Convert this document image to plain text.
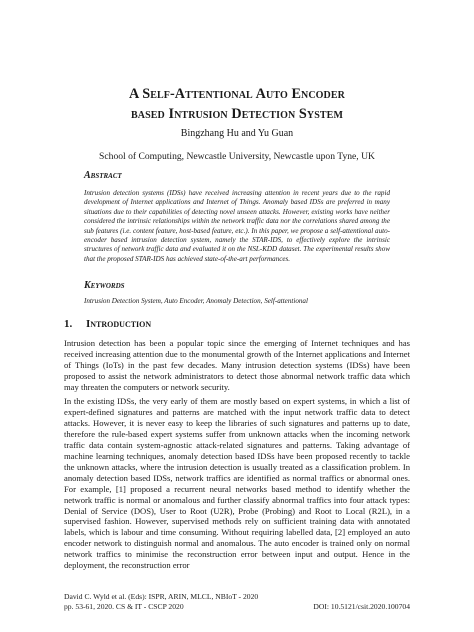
A Self-Attentional Auto Encoder
based Intrusion Detection System
Bingzhang Hu and Yu Guan
School of Computing, Newcastle University, Newcastle upon Tyne, UK
Abstract
Intrusion detection systems (IDSs) have received increasing attention in recent years due to the rapid development of Internet applications and Internet of Things. Anomaly based IDSs are preferred in many situations due to their capabilities of detecting novel unseen attacks. However, existing works have neither considered the intrinsic relationships within the network traffic data nor the correlations shared among the sub features (i.e. content feature, host-based feature, etc.). In this paper, we propose a self-attentional auto-encoder based intrusion detection system, namely the STAR-IDS, to effectively explore the intrinsic structures of network traffic data and evaluated it on the NSL-KDD dataset. The experimental results show that the proposed STAR-IDS has achieved state-of-the-art performances.
Keywords
Intrusion Detection System, Auto Encoder, Anomaly Detection, Self-attentional
1. Introduction
Intrusion detection has been a popular topic since the emerging of Internet techniques and has received increasing attention due to the monumental growth of the Internet applications and Internet of Things (IoTs) in the past few decades. Many intrusion detection systems (IDSs) have been proposed to assist the network administrators to detect those abnormal network traffic data which may threaten the computers or network security.
In the existing IDSs, the very early of them are mostly based on expert systems, in which a list of expert-defined signatures and patterns are matched with the input network traffic data to detect attacks. However, it is never easy to keep the libraries of such signatures and patterns up to date, therefore the rule-based expert systems suffer from unknown attacks when the incoming network traffic data contain system-agnostic attack-related signatures and patterns. Taking advantage of machine learning techniques, anomaly detection based IDSs have been proposed recently to tackle the unknown attacks, where the intrusion detection is usually treated as a classification problem. In anomaly detection based IDSs, network traffics are identified as normal traffics or abnormal ones. For example, [1] proposed a recurrent neural networks based method to identify whether the network traffic is normal or anomalous and further classify abnormal traffics into four attack types: Denial of Service (DOS), User to Root (U2R), Probe (Probing) and Root to Local (R2L), in a supervised fashion. However, supervised methods rely on sufficient training data with annotated labels, which is labour and time consuming. Without requiring labelled data, [2] employed an auto encoder network to distinguish normal and anomalous. The auto encoder is trained only on normal network traffics to minimise the reconstruction error between input and output. Hence in the deployment, the reconstruction error
David C. Wyld et al. (Eds): ISPR, ARIN, MLCL, NBIoT - 2020
pp. 53-61, 2020. CS & IT - CSCP 2020	DOI: 10.5121/csit.2020.100704
